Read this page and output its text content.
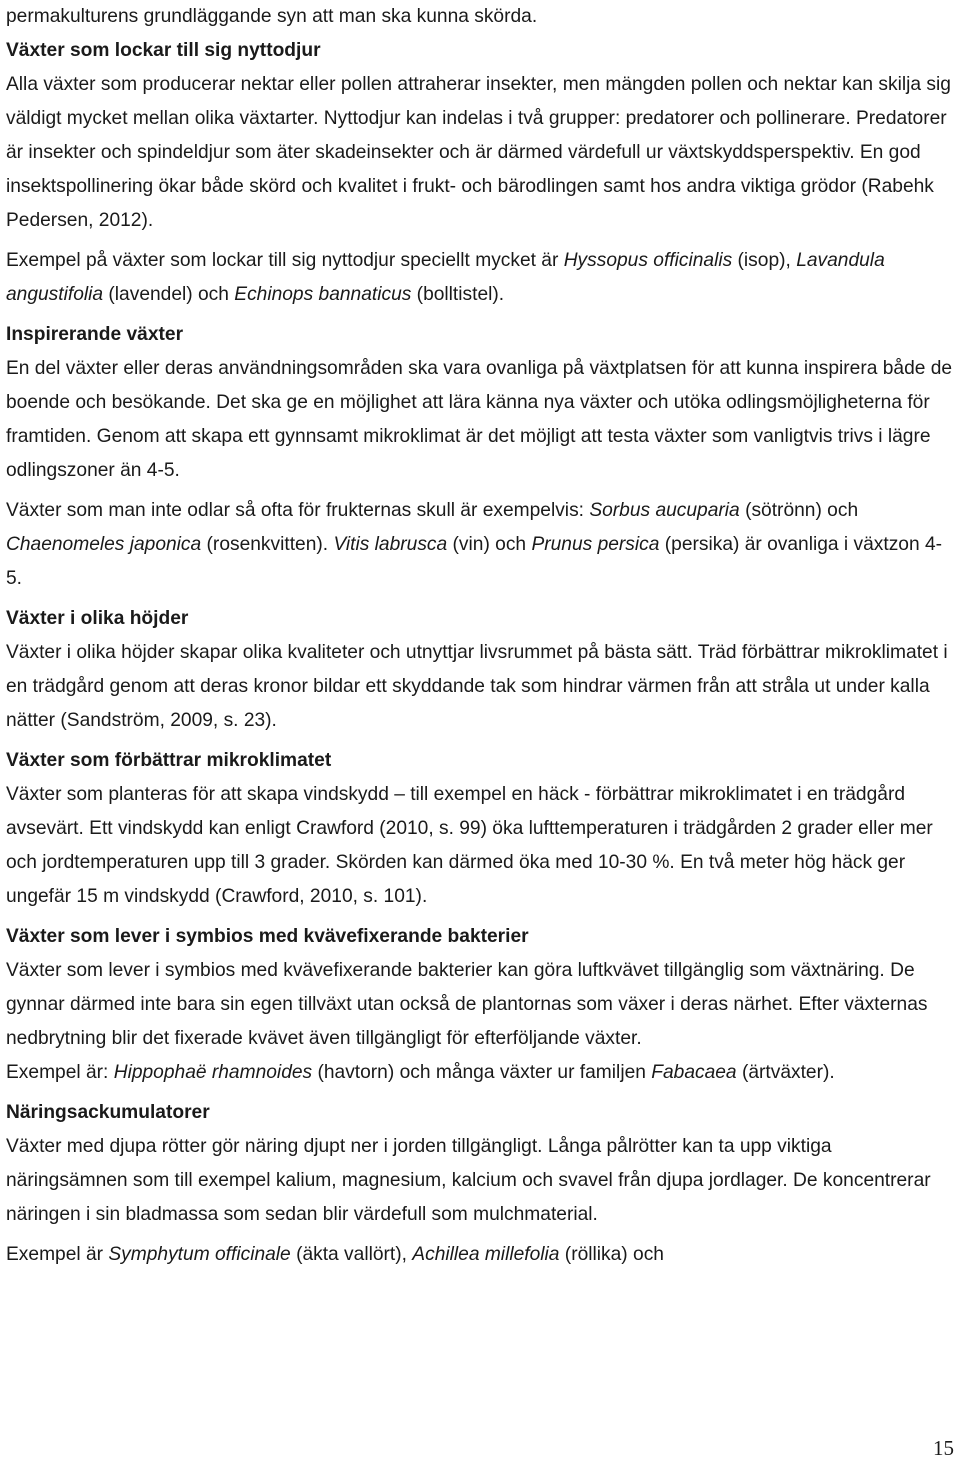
permakulturens grundläggande syn att man ska kunna skörda.

Växter som lockar till sig nyttodjur

Alla växter som producerar nektar eller pollen attraherar insekter, men mängden pollen och nektar kan skilja sig väldigt mycket mellan olika växtarter. Nyttodjur kan indelas i två grupper: predatorer och pollinerare. Predatorer är insekter och spindeldjur som äter skadeinsekter och är därmed värdefull ur växtskyddsperspektiv. En god insektspollinering ökar både skörd och kvalitet i frukt- och bärodlingen samt hos andra viktiga grödor (Rabehk Pedersen, 2012).

Exempel på växter som lockar till sig nyttodjur speciellt mycket är Hyssopus officinalis (isop), Lavandula angustifolia (lavendel) och Echinops bannaticus (bolltistel).

Inspirerande växter

En del växter eller deras användningsområden ska vara ovanliga på växtplatsen för att kunna inspirera både de boende och besökande. Det ska ge en möjlighet att lära känna nya växter och utöka odlingsmöjligheterna för framtiden. Genom att skapa ett gynnsamt mikroklimat är det möjligt att testa växter som vanligtvis trivs i lägre odlingszoner än 4-5.

Växter som man inte odlar så ofta för frukternas skull är exempelvis: Sorbus aucuparia (sötrönn) och Chaenomeles japonica (rosenkvitten). Vitis labrusca (vin) och Prunus persica (persika) är ovanliga i växtzon 4-5.

Växter i olika höjder

Växter i olika höjder skapar olika kvaliteter och utnyttjar livsrummet på bästa sätt. Träd förbättrar mikroklimatet i en trädgård genom att deras kronor bildar ett skyddande tak som hindrar värmen från att stråla ut under kalla nätter (Sandström, 2009, s. 23).

Växter som förbättrar mikroklimatet

Växter som planteras för att skapa vindskydd – till exempel en häck - förbättrar mikroklimatet i en trädgård avsevärt. Ett vindskydd kan enligt Crawford (2010, s. 99) öka lufttemperaturen i trädgården 2 grader eller mer och jordtemperaturen upp till 3 grader. Skörden kan därmed öka med 10-30 %. En två meter hög häck ger ungefär 15 m vindskydd (Crawford, 2010, s. 101).

Växter som lever i symbios med kvävefixerande bakterier

Växter som lever i symbios med kvävefixerande bakterier kan göra luftkvävet tillgänglig som växtnäring. De gynnar därmed inte bara sin egen tillväxt utan också de plantornas som växer i deras närhet. Efter växternas nedbrytning blir det fixerade kvävet även tillgängligt för efterföljande växter.

Exempel är: Hippophaë rhamnoides (havtorn) och många växter ur familjen Fabacaea (ärtväxter).

Näringsackumulatorer

Växter med djupa rötter gör näring djupt ner i jorden tillgängligt. Långa pålrötter kan ta upp viktiga näringsämnen som till exempel kalium, magnesium, kalcium och svavel från djupa jordlager. De koncentrerar näringen i sin bladmassa som sedan blir värdefull som mulchmaterial.

Exempel är Symphytum officinale (äkta vallört), Achillea millefolia (röllika) och

15
